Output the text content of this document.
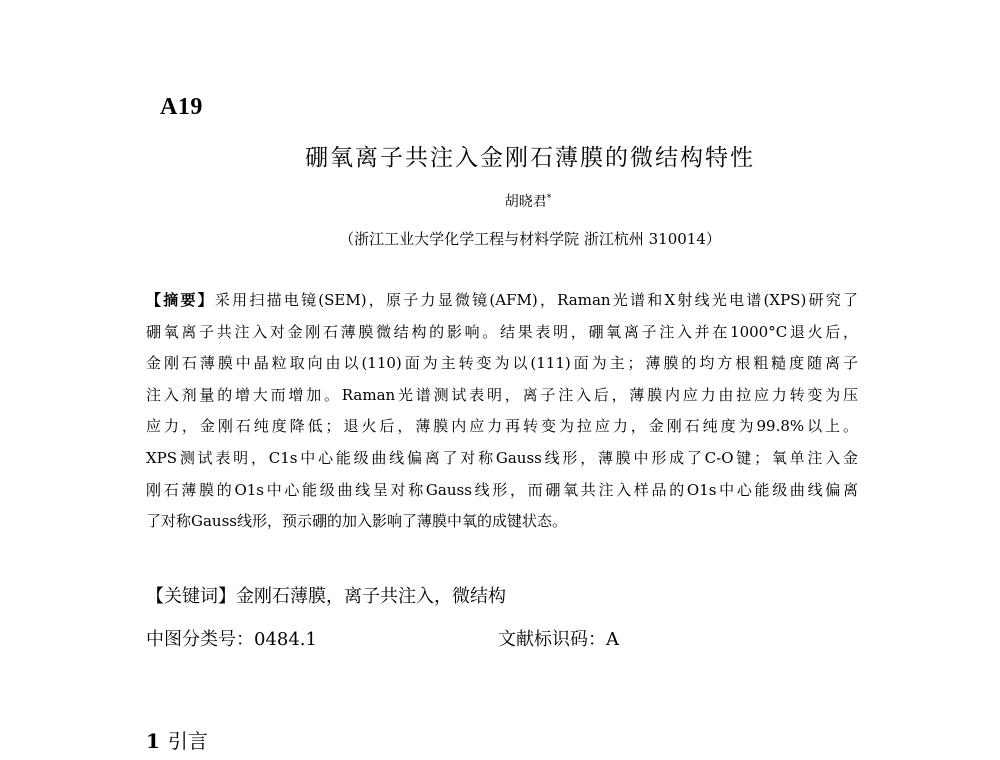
A19
硼氧离子共注入金刚石薄膜的微结构特性
胡晓君*
（浙江工业大学化学工程与材料学院 浙江杭州 310014）
【摘要】采用扫描电镜(SEM)，原子力显微镜(AFM)，Raman光谱和X射线光电谱(XPS)研究了
硼氧离子共注入对金刚石薄膜微结构的影响。结果表明，硼氧离子注入并在1000°C退火后，
金刚石薄膜中晶粒取向由以(110)面为主转变为以(111)面为主；薄膜的均方根粗糙度随离子
注入剂量的增大而增加。Raman光谱测试表明，离子注入后，薄膜内应力由拉应力转变为压
应力，金刚石纯度降低；退火后，薄膜内应力再转变为拉应力，金刚石纯度为99.8%以上。
XPS测试表明，C1s中心能级曲线偏离了对称Gauss线形，薄膜中形成了C-O键；氧单注入金
刚石薄膜的O1s中心能级曲线呈对称Gauss线形，而硼氧共注入样品的O1s中心能级曲线偏离
了对称Gauss线形，预示硼的加入影响了薄膜中氧的成键状态。
【关键词】金刚石薄膜，离子共注入，微结构
中图分类号：0484.1	文献标识码：A
1 引言
